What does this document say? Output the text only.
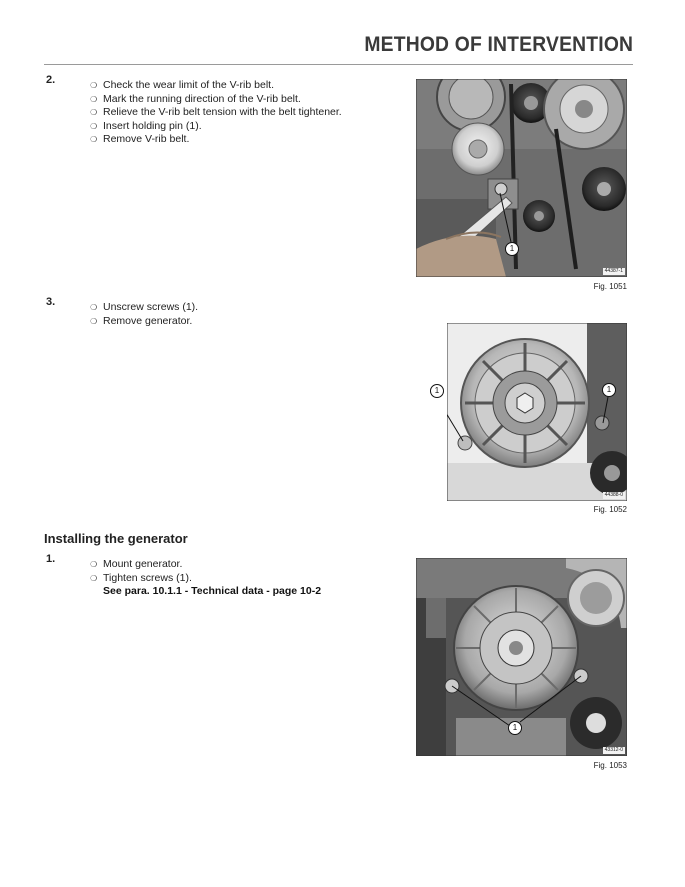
METHOD OF INTERVENTION
2.	❍ Check the wear limit of the V-rib belt.
❍ Mark the running direction of the V-rib belt.
❍ Relieve the V-rib belt tension with the belt tightener.
❍ Insert holding pin (1).
❍ Remove V-rib belt.
1
44387-1
Fig. 1051
3.	❍ Unscrew screws (1).
❍ Remove generator.
1
44388-0
1
Fig. 1052
Installing the generator
1.	❍ Mount generator.
❍ Tighten screws (1).
See para. 10.1.1 - Technical data - page 10-2
1
43312-0
Fig. 1053
